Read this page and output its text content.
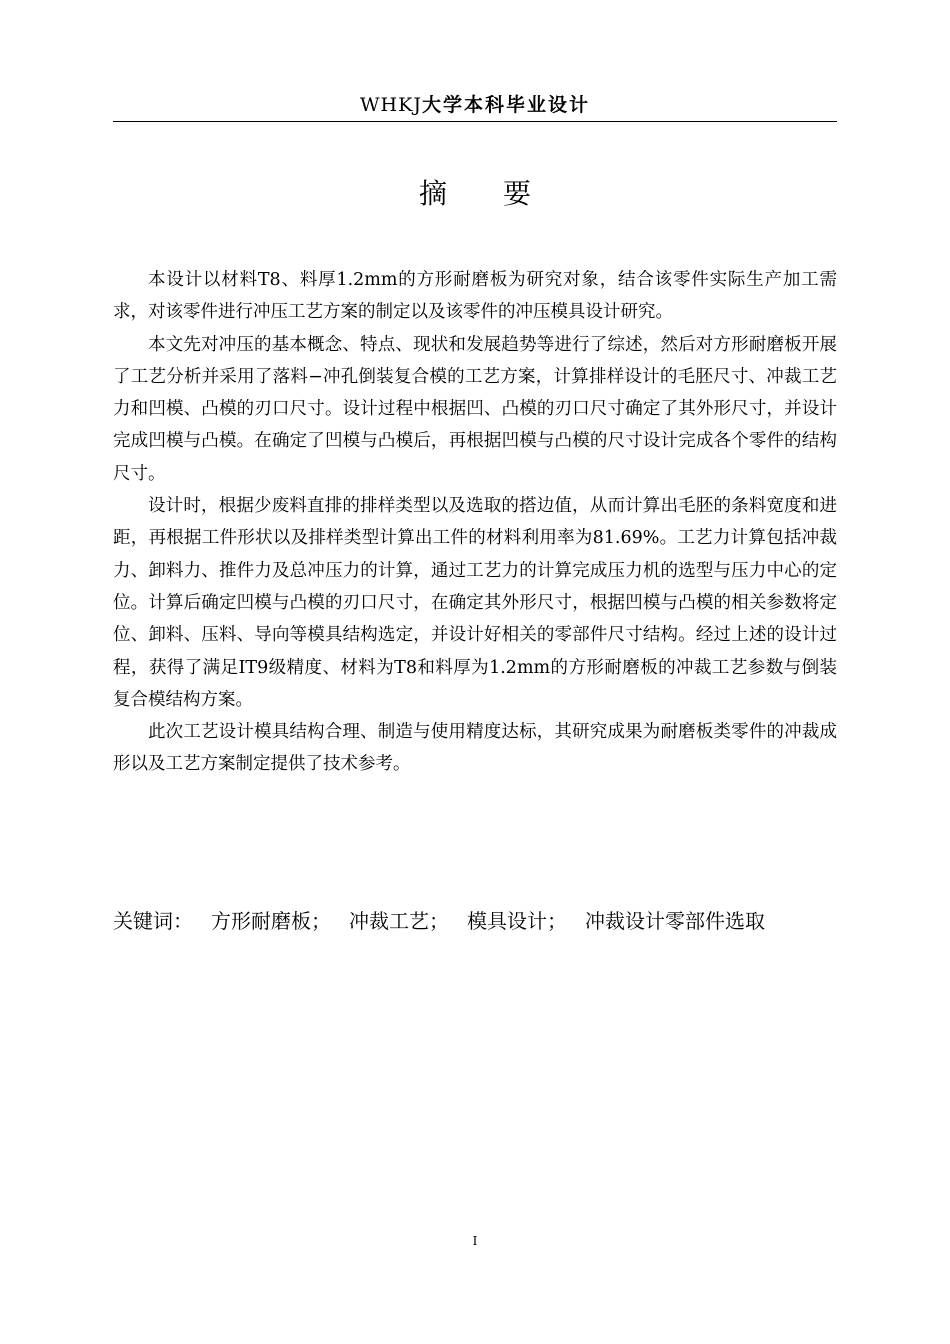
WHKJ大学本科毕业设计
摘要

本设计以材料T8、料厚1.2mm的方形耐磨板为研究对象，结合该零件实际生产加工需求，对该零件进行冲压工艺方案的制定以及该零件的冲压模具设计研究。

本文先对冲压的基本概念、特点、现状和发展趋势等进行了综述，然后对方形耐磨板开展了工艺分析并采用了落料−冲孔倒装复合模的工艺方案，计算排样设计的毛胚尺寸、冲裁工艺力和凹模、凸模的刃口尺寸。设计过程中根据凹、凸模的刃口尺寸确定了其外形尺寸，并设计完成凹模与凸模。在确定了凹模与凸模后，再根据凹模与凸模的尺寸设计完成各个零件的结构尺寸。

设计时，根据少废料直排的排样类型以及选取的搭边值，从而计算出毛胚的条料宽度和进距，再根据工件形状以及排样类型计算出工件的材料利用率为81.69%。工艺力计算包括冲裁力、卸料力、推件力及总冲压力的计算，通过工艺力的计算完成压力机的选型与压力中心的定位。计算后确定凹模与凸模的刃口尺寸，在确定其外形尺寸，根据凹模与凸模的相关参数将定位、卸料、压料、导向等模具结构选定，并设计好相关的零部件尺寸结构。经过上述的设计过程，获得了满足IT9级精度、材料为T8和料厚为1.2mm的方形耐磨板的冲裁工艺参数与倒装复合模结构方案。

此次工艺设计模具结构合理、制造与使用精度达标，其研究成果为耐磨板类零件的冲裁成形以及工艺方案制定提供了技术参考。

关键词： 方形耐磨板； 冲裁工艺； 模具设计； 冲裁设计零部件选取
I
